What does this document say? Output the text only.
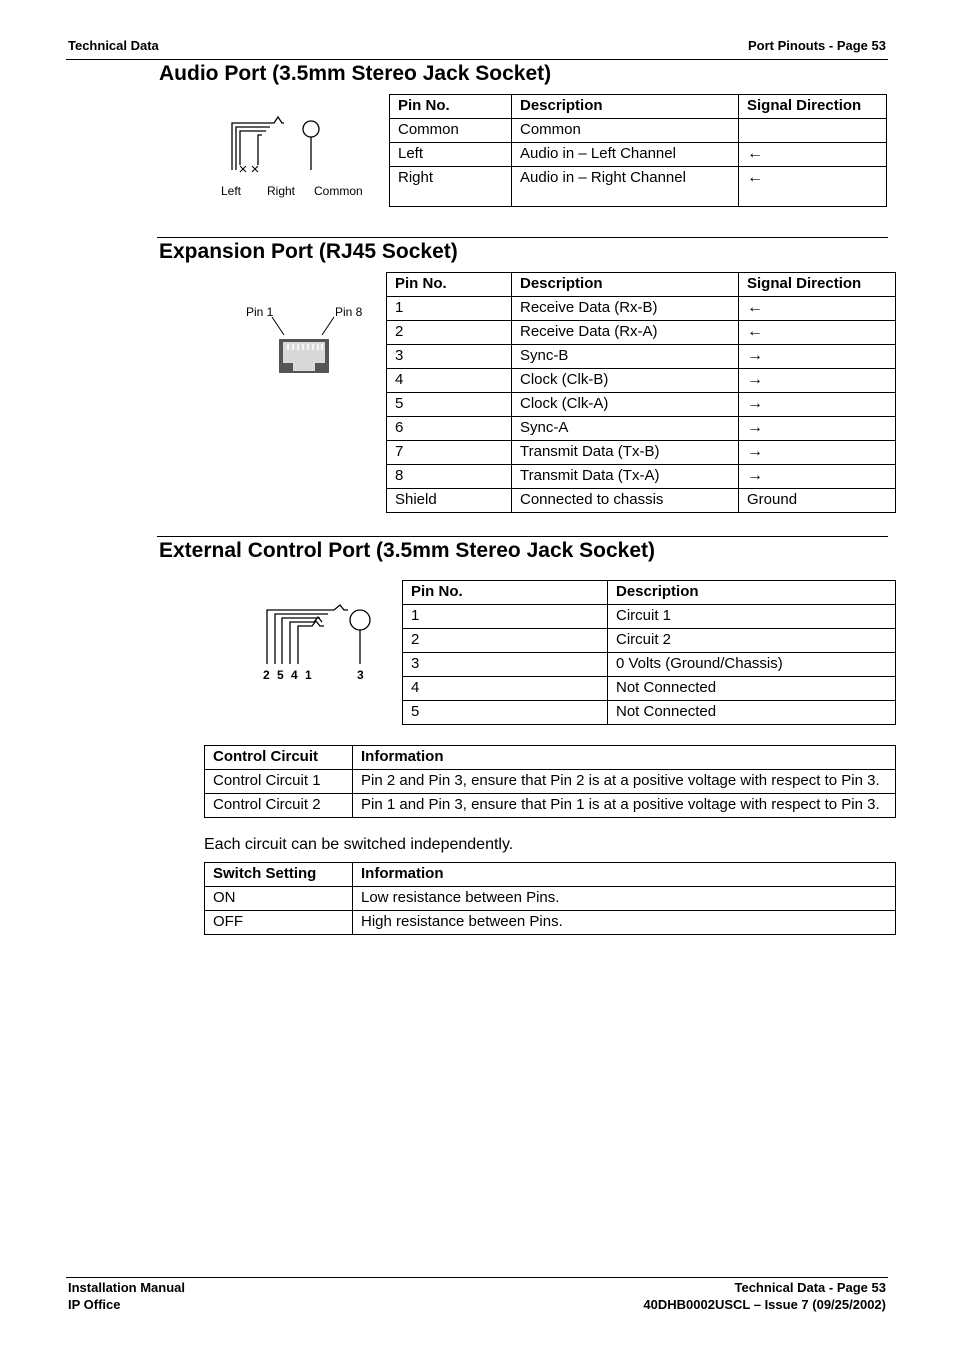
Technical Data	Port Pinouts - Page 53
Audio Port (3.5mm Stereo Jack Socket)
Left Right Common
Pin No.	Description	Signal Direction
Common	Common	
Left	Audio in – Left Channel	←
Right	Audio in – Right Channel	←
Expansion Port (RJ45 Socket)
Pin 1	Pin 8
Pin No.	Description	Signal Direction
1	Receive Data (Rx-B)	←
2	Receive Data (Rx-A)	←
3	Sync-B	→
4	Clock (Clk-B)	→
5	Clock (Clk-A)	→
6	Sync-A	→
7	Transmit Data (Tx-B)	→
8	Transmit Data (Tx-A)	→
Shield	Connected to chassis	Ground
External Control Port (3.5mm Stereo Jack Socket)
2 5 4 1	3
Pin No.	Description
1	Circuit 1
2	Circuit 2
3	0 Volts (Ground/Chassis)
4	Not Connected
5	Not Connected
Control Circuit	Information
Control Circuit 1	Pin 2 and Pin 3, ensure that Pin 2 is at a positive voltage with respect to Pin 3.
Control Circuit 2	Pin 1 and Pin 3, ensure that Pin 1 is at a positive voltage with respect to Pin 3.
Each circuit can be switched independently.
Switch Setting	Information
ON	Low resistance between Pins.
OFF	High resistance between Pins.
Installation Manual
IP Office
Technical Data - Page 53
40DHB0002USCL – Issue 7 (09/25/2002)
